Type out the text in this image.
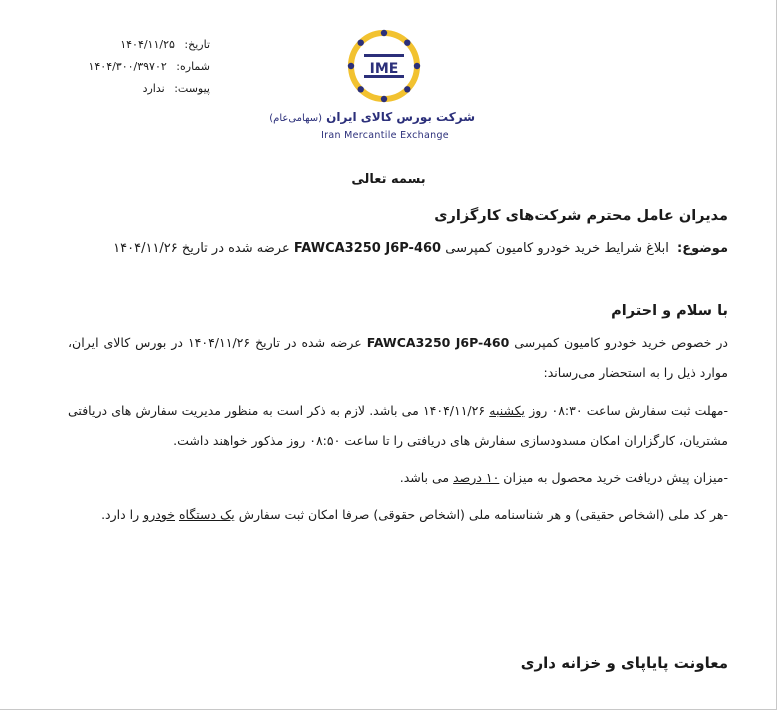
تاریخ: ۱۴۰۴/۱۱/۲۵
شماره: ۱۴۰۴/۳۰۰/۳۹۷۰۲
پیوست: ندارد
IME
شرکت بورس کالای ایران (سهامی‌عام)
Iran Mercantile Exchange
بسمه تعالی
مدیران عامل محترم شرکت‌های کارگزاری
موضوع: ابلاغ شرایط خرید خودرو کامیون کمپرسی FAWCA3250 J6P-460 عرضه شده در تاریخ ۱۴۰۴/۱۱/۲۶
با سلام و احترام
در خصوص خرید خودرو کامیون کمپرسی FAWCA3250 J6P-460 عرضه شده در تاریخ ۱۴۰۴/۱۱/۲۶ در بورس کالای ایران، موارد ذیل را به استحضار می‌رساند:
-مهلت ثبت سفارش ساعت ۰۸:۳۰ روز یکشنبه ۱۴۰۴/۱۱/۲۶ می باشد. لازم به ذکر است به منظور مدیریت سفارش های دریافتی مشتریان، کارگزاران امکان مسدودسازی سفارش های دریافتی را تا ساعت ۰۸:۵۰ روز مذکور خواهند داشت.
-میزان پیش دریافت خرید محصول به میزان ۱۰ درصد می باشد.
-هر کد ملی (اشخاص حقیقی) و هر شناسنامه ملی (اشخاص حقوقی) صرفا امکان ثبت سفارش یک دستگاه خودرو را دارد.
معاونت پایاپای و خزانه داری
